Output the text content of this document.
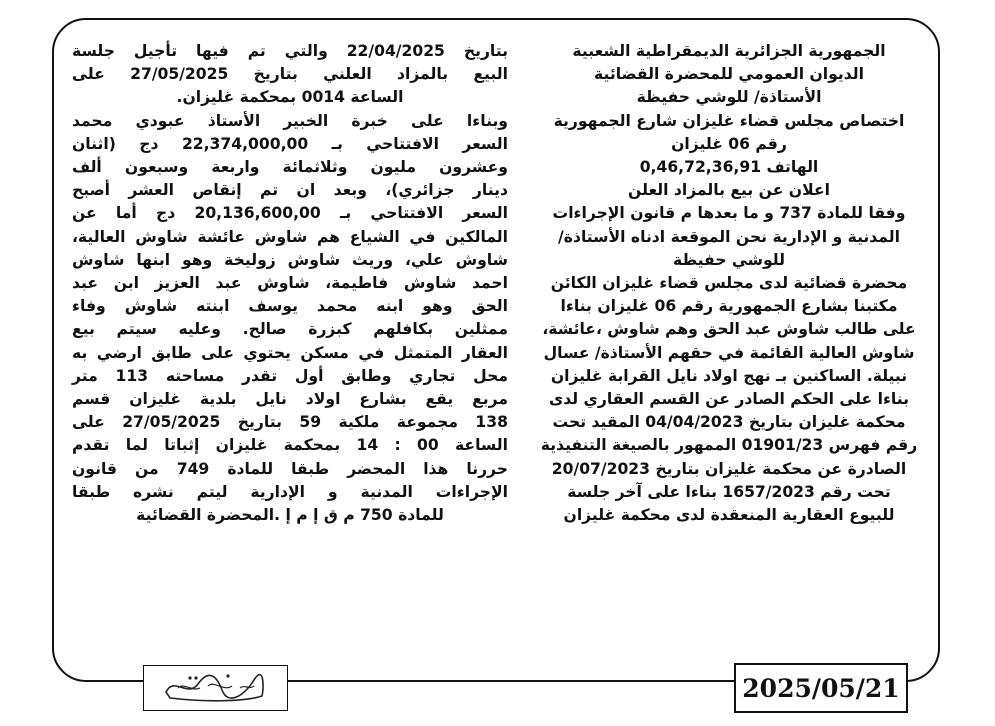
الجمهورية الجزائرية الديمقراطية الشعبية
الديوان العمومي للمحضرة القضائية
الأستاذة/ للوشي حفيظة
اختصاص مجلس قضاء غليزان شارع الجمهورية
رقم 06 غليزان
الهاتف 0,46,72,36,91
اعلان عن بيع بالمزاد العلن
وفقا للمادة 737 و ما بعدها م قانون الإجراءات
المدنية و الإدارية نحن الموقعة ادناه الأستاذة/
للوشي حفيظة
محضرة قضائية لدى مجلس قضاء غليزان الكائن
مكتبنا بشارع الجمهورية رقم 06 غليزان بناءا
على طالب شاوش عبد الحق وهم شاوش ،عائشة،
شاوش العالية القائمة في حقهم الأستاذة/ عسال
نبيلة. الساكنين بـ نهج اولاد نايل القرابة غليزان
بناءا على الحكم الصادر عن القسم العقاري لدى
محكمة غليزان بتاريخ 04/04/2023 المقيد تحت
رقم فهرس 01901/23 الممهور بالصيغة التنفيذية
الصادرة عن محكمة غليزان بتاريخ 20/07/2023
تحت رقم 1657/2023 بناءا على آخر جلسة
للبيوع العقارية المنعقدة لدى محكمة غليزان
بتاريخ 22/04/2025 والتي تم فيها تأجيل جلسة
البيع بالمزاد العلني بتاريخ 27/05/2025 على
الساعة 0014 بمحكمة غليزان.
وبناءا على خبرة الخبير الأستاذ عبودي محمد
السعر الافتتاحي بـ 22,374,000,00 دج (اثنان
وعشرون مليون وثلاثمائة واربعة وسبعون ألف
دينار جزائري)، وبعد ان تم إنقاص العشر أصبح
السعر الافتتاحي بـ 20,136,600,00 دج أما عن
المالكين في الشياع هم شاوش عائشة شاوش العالية،
شاوش علي، وريث شاوش زوليخة وهو ابنها شاوش
احمد شاوش فاطيمة، شاوش عبد العزيز ابن عبد
الحق وهو ابنه محمد يوسف ابنته شاوش وفاء
ممثلين بكافلهم كبزرة صالح. وعليه سيتم بيع
العقار المتمثل في مسكن يحتوي على طابق ارضي به
محل تجاري وطابق أول تقدر مساحته 113 متر
مربع يقع بشارع اولاد نايل بلدية غليزان قسم
138 مجموعة ملكية 59 بتاريخ 27/05/2025 على
الساعة 00 : 14 بمحكمة غليزان إثباتا لما تقدم
حررنا هذا المحضر طبقا للمادة 749 من قانون
الإجراءات المدنية و الإدارية ليتم نشره طبقا
للمادة 750 م ق إ م إ .المحضرة القضائية
2025/05/21
